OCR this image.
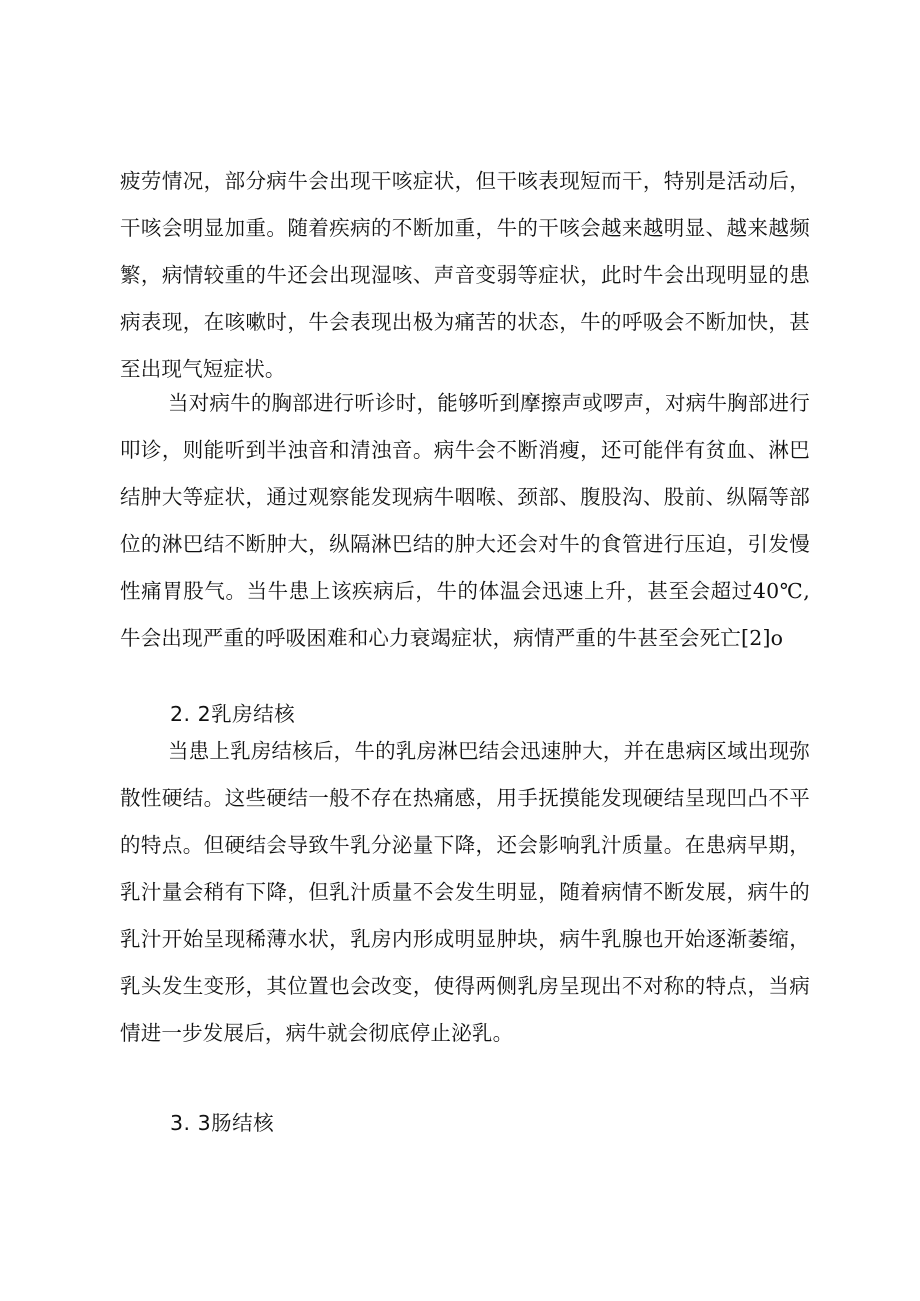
疲劳情况，部分病牛会出现干咳症状，但干咳表现短而干，特别是活动后，干咳会明显加重。随着疾病的不断加重，牛的干咳会越来越明显、越来越频繁，病情较重的牛还会出现湿咳、声音变弱等症状，此时牛会出现明显的患病表现，在咳嗽时，牛会表现出极为痛苦的状态，牛的呼吸会不断加快，甚至出现气短症状。

当对病牛的胸部进行听诊时，能够听到摩擦声或啰声，对病牛胸部进行叩诊，则能听到半浊音和清浊音。病牛会不断消瘦，还可能伴有贫血、淋巴结肿大等症状，通过观察能发现病牛咽喉、颈部、腹股沟、股前、纵隔等部位的淋巴结不断肿大，纵隔淋巴结的肿大还会对牛的食管进行压迫，引发慢性痛胃股气。当牛患上该疾病后，牛的体温会迅速上升，甚至会超过40℃,牛会出现严重的呼吸困难和心力衰竭症状，病情严重的牛甚至会死亡[2]o

2. 2乳房结核

当患上乳房结核后，牛的乳房淋巴结会迅速肿大，并在患病区域出现弥散性硬结。这些硬结一般不存在热痛感，用手抚摸能发现硬结呈现凹凸不平的特点。但硬结会导致牛乳分泌量下降，还会影响乳汁质量。在患病早期，乳汁量会稍有下降，但乳汁质量不会发生明显，随着病情不断发展，病牛的乳汁开始呈现稀薄水状，乳房内形成明显肿块，病牛乳腺也开始逐渐萎缩，乳头发生变形，其位置也会改变，使得两侧乳房呈现出不对称的特点，当病情进一步发展后，病牛就会彻底停止泌乳。

3. 3肠结核
